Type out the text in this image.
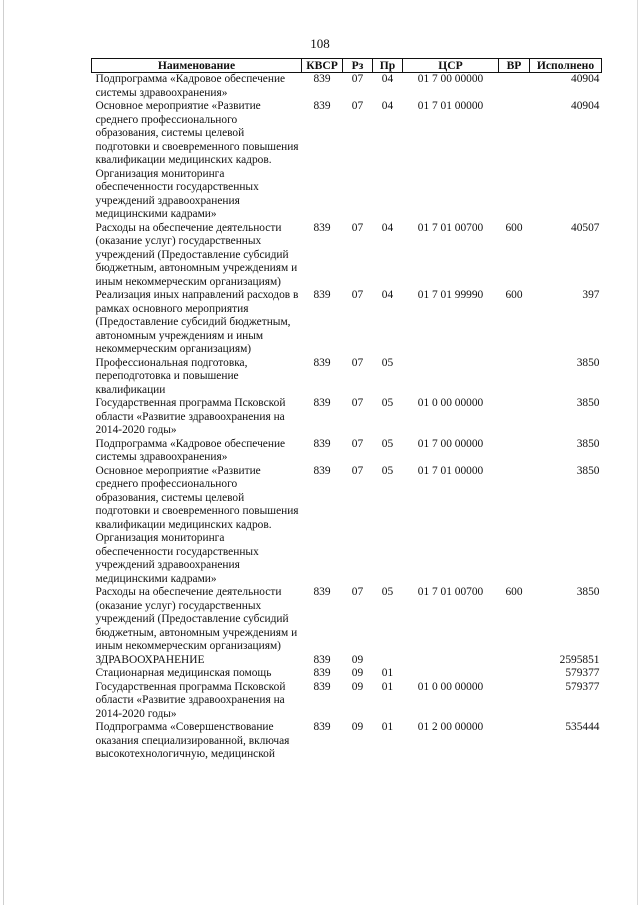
108
Наименование	КВСР	Рз	Пр	ЦСР	ВР	Исполнено
Подпрограмма «Кадровое обеспечение системы здравоохранения»	839	07	04	01 7 00 00000		40904
Основное мероприятие «Развитие среднего профессионального образования, системы целевой подготовки и своевременного повышения квалификации медицинских кадров. Организация мониторинга обеспеченности государственных учреждений здравоохранения медицинскими кадрами»	839	07	04	01 7 01 00000		40904
Расходы на обеспечение деятельности (оказание услуг) государственных учреждений (Предоставление субсидий бюджетным, автономным учреждениям и иным некоммерческим организациям)	839	07	04	01 7 01 00700	600	40507
Реализация иных направлений расходов в рамках основного мероприятия (Предоставление субсидий бюджетным, автономным учреждениям и иным некоммерческим организациям)	839	07	04	01 7 01 99990	600	397
Профессиональная подготовка, переподготовка и повышение квалификации	839	07	05			3850
Государственная программа Псковской области «Развитие здравоохранения на 2014-2020 годы»	839	07	05	01 0 00 00000		3850
Подпрограмма «Кадровое обеспечение системы здравоохранения»	839	07	05	01 7 00 00000		3850
Основное мероприятие «Развитие среднего профессионального образования, системы целевой подготовки и своевременного повышения квалификации медицинских кадров. Организация мониторинга обеспеченности государственных учреждений здравоохранения медицинскими кадрами»	839	07	05	01 7 01 00000		3850
Расходы на обеспечение деятельности (оказание услуг) государственных учреждений (Предоставление субсидий бюджетным, автономным учреждениям и иным некоммерческим организациям)	839	07	05	01 7 01 00700	600	3850
ЗДРАВООХРАНЕНИЕ	839	09				2595851
Стационарная медицинская помощь	839	09	01			579377
Государственная программа Псковской области «Развитие здравоохранения на 2014-2020 годы»	839	09	01	01 0 00 00000		579377
Подпрограмма «Совершенствование оказания специализированной, включая высокотехнологичную, медицинской	839	09	01	01 2 00 00000		535444
